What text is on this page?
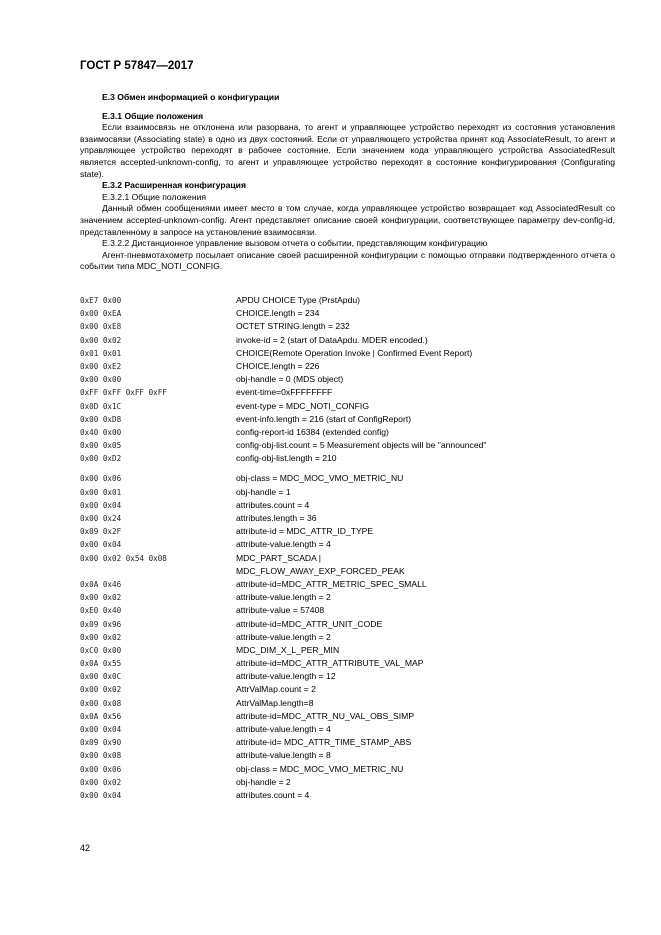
ГОСТ Р 57847—2017

Е.3 Обмен информацией о конфигурации

Е.3.1 Общие положения

Если взаимосвязь не отклонена или разорвана, то агент и управляющее устройство переходят из состояния установления взаимосвязи (Associating state) в одно из двух состояний. Если от управляющего устройства принят код AssociateResult, то агент и управляющее устройство переходят в рабочее состояние. Если значением кода управляющего устройства AssociatedResult является accepted-unknown-config, то агент и управляющее устройство переходят в состояние конфигурирования (Configurating state).

Е.3.2 Расширенная конфигурация

Е.3.2.1 Общие положения

Данный обмен сообщениями имеет место в том случае, когда управляющее устройство возвращает код AssociatedResult со значением accepted-unknown-config. Агент представляет описание своей конфигурации, соответствующее параметру dev-config-id, представленному в запросе на установление взаимосвязи.

Е.3.2.2 Дистанционное управление вызовом отчета о событии, представляющим конфигурацию

Агент-пневмотахометр посылает описание своей расширенной конфигурации с помощью отправки подтвержденного отчета о событии типа MDC_NOTI_CONFIG.

0xE7 0x00	APDU CHOICE Type (PrstApdu)
0x00 0xEA	CHOICE.length = 234
0x00 0xE8	OCTET STRING.length = 232
0x00 0x02	invoke-id = 2 (start of DataApdu. MDER encoded.)
0x01 0x01	CHOICE(Remote Operation Invoke | Confirmed Event Report)
0x00 0xE2	CHOICE.length = 226
0x00 0x00	obj-handle = 0 (MDS object)
0xFF 0xFF 0xFF 0xFF	event-time=0xFFFFFFFF
0x0D 0x1C	event-type = MDC_NOTI_CONFIG
0x00 0xD8	event-info.length = 216 (start of ConfigReport)
0x40 0x00	config-report-id 16384 (extended config)
0x00 0x05	config-obj-list.count = 5 Measurement objects will be "announced"
0x00 0xD2	config-obj-list.length = 210
0x00 0x06	obj-class = MDC_MOC_VMO_METRIC_NU
0x00 0x01	obj-handle = 1
0x00 0x04	attributes.count = 4
0x00 0x24	attributes.length = 36
0x09 0x2F	attribute-id = MDC_ATTR_ID_TYPE
0x00 0x04	attribute-value.length = 4
0x00 0x02 0x54 0x08	MDC_PART_SCADA |
MDC_FLOW_AWAY_EXP_FORCED_PEAK
0x0A 0x46	attribute-id=MDC_ATTR_METRIC_SPEC_SMALL
0x00 0x02	attribute-value.length = 2
0xE0 0x40	attribute-value = 57408
0x09 0x96	attribute-id=MDC_ATTR_UNIT_CODE
0x00 0x02	attribute-value.length = 2
0xC0 0x00	MDC_DIM_X_L_PER_MIN
0x0A 0x55	attribute-id=MDC_ATTR_ATTRIBUTE_VAL_MAP
0x00 0x0C	attribute-value.length = 12
0x00 0x02	AttrValMap.count = 2
0x00 0x08	AttrValMap.length=8
0x0A 0x56	attribute-id=MDC_ATTR_NU_VAL_OBS_SIMP
0x00 0x04	attribute-value.length = 4
0x09 0x90	attribute-id= MDC_ATTR_TIME_STAMP_ABS
0x00 0x08	attribute-value.length = 8
0x00 0x06	obj-class = MDC_MOC_VMO_METRIC_NU
0x00 0x02	obj-handle = 2
0x00 0x04	attributes.count = 4
42
